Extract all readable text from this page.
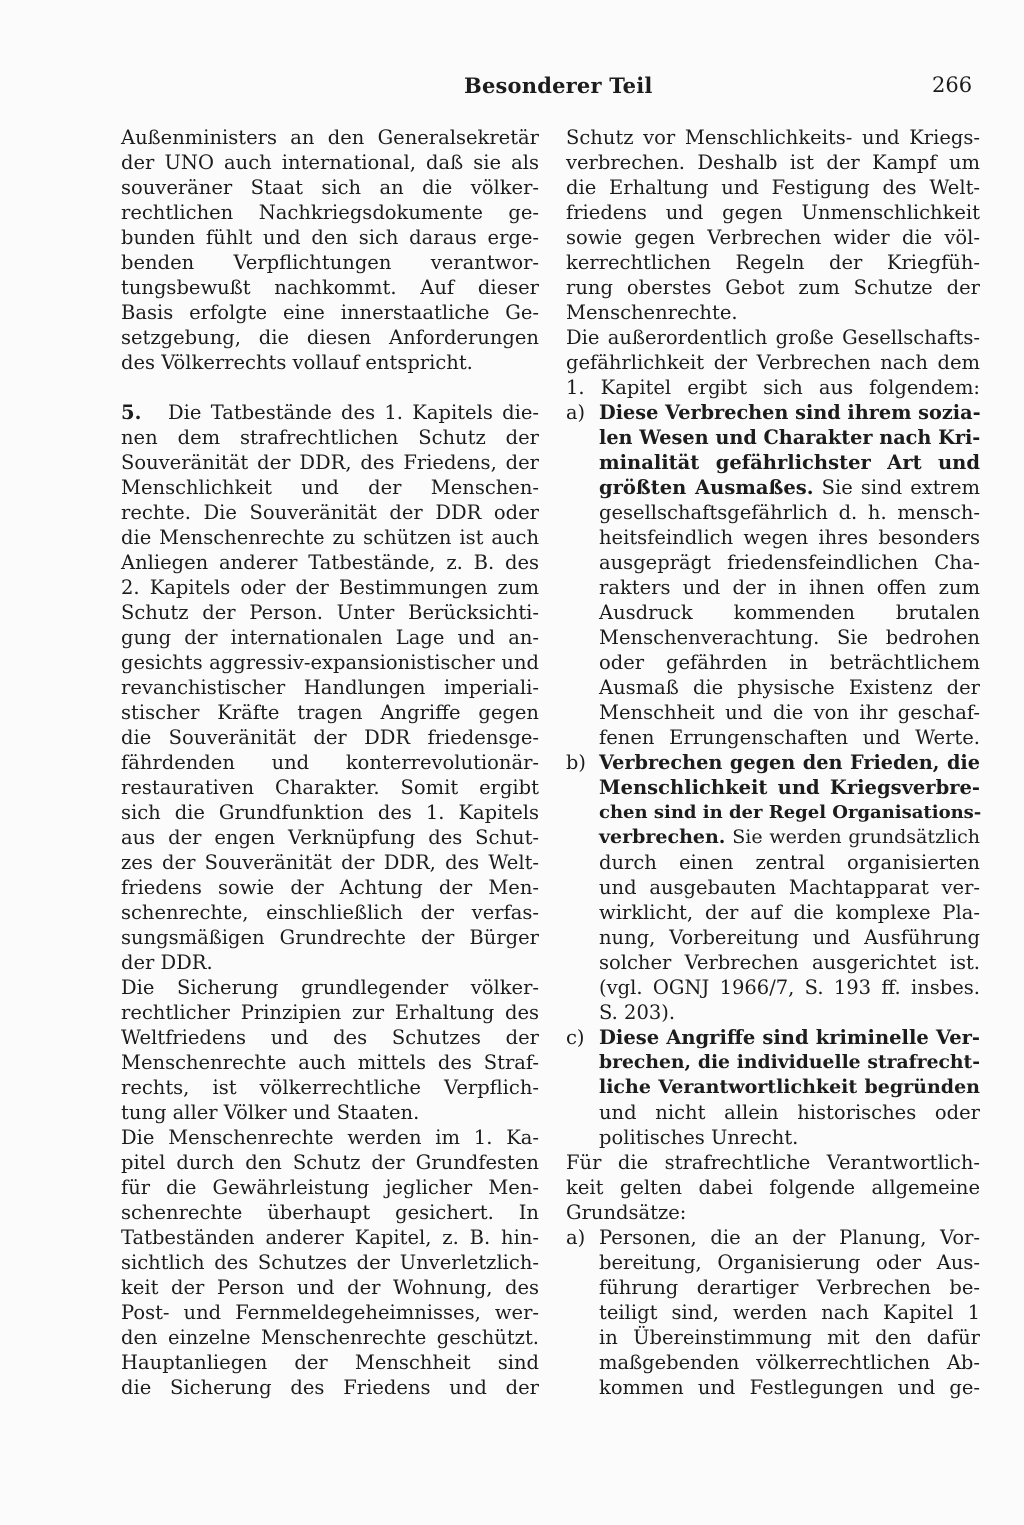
Besonderer Teil	266
Außenministers an den Generalsekretär
der UNO auch international, daß sie als
souveräner Staat sich an die völker-
rechtlichen Nachkriegsdokumente ge-
bunden fühlt und den sich daraus erge-
benden Verpflichtungen verantwor-
tungsbewußt nachkommt. Auf dieser
Basis erfolgte eine innerstaatliche Ge-
setzgebung, die diesen Anforderungen
des Völkerrechts vollauf entspricht.
5. Die Tatbestände des 1. Kapitels die-
nen dem strafrechtlichen Schutz der
Souveränität der DDR, des Friedens, der
Menschlichkeit und der Menschen-
rechte. Die Souveränität der DDR oder
die Menschenrechte zu schützen ist auch
Anliegen anderer Tatbestände, z. B. des
2. Kapitels oder der Bestimmungen zum
Schutz der Person. Unter Berücksichti-
gung der internationalen Lage und an-
gesichts aggressiv-expansionistischer und
revanchistischer Handlungen imperiali-
stischer Kräfte tragen Angriffe gegen
die Souveränität der DDR friedensge-
fährdenden und konterrevolutionär-
restaurativen Charakter. Somit ergibt
sich die Grundfunktion des 1. Kapitels
aus der engen Verknüpfung des Schut-
zes der Souveränität der DDR, des Welt-
friedens sowie der Achtung der Men-
schenrechte, einschließlich der verfas-
sungsmäßigen Grundrechte der Bürger
der DDR.
Die Sicherung grundlegender völker-
rechtlicher Prinzipien zur Erhaltung des
Weltfriedens und des Schutzes der
Menschenrechte auch mittels des Straf-
rechts, ist völkerrechtliche Verpflich-
tung aller Völker und Staaten.
Die Menschenrechte werden im 1. Ka-
pitel durch den Schutz der Grundfesten
für die Gewährleistung jeglicher Men-
schenrechte überhaupt gesichert. In
Tatbeständen anderer Kapitel, z. B. hin-
sichtlich des Schutzes der Unverletzlich-
keit der Person und der Wohnung, des
Post- und Fernmeldegeheimnisses, wer-
den einzelne Menschenrechte geschützt.
Hauptanliegen der Menschheit sind
die Sicherung des Friedens und der
Schutz vor Menschlichkeits- und Kriegs-
verbrechen. Deshalb ist der Kampf um
die Erhaltung und Festigung des Welt-
friedens und gegen Unmenschlichkeit
sowie gegen Verbrechen wider die völ-
kerrechtlichen Regeln der Kriegfüh-
rung oberstes Gebot zum Schutze der
Menschenrechte.
Die außerordentlich große Gesellschafts-
gefährlichkeit der Verbrechen nach dem
1. Kapitel ergibt sich aus folgendem:
a) Diese Verbrechen sind ihrem sozia-
len Wesen und Charakter nach Kri-
minalität gefährlichster Art und
größten Ausmaßes. Sie sind extrem
gesellschaftsgefährlich d. h. mensch-
heitsfeindlich wegen ihres besonders
ausgeprägt friedensfeindlichen Cha-
rakters und der in ihnen offen zum
Ausdruck kommenden brutalen
Menschenverachtung. Sie bedrohen
oder gefährden in beträchtlichem
Ausmaß die physische Existenz der
Menschheit und die von ihr geschaf-
fenen Errungenschaften und Werte.
b) Verbrechen gegen den Frieden, die
Menschlichkeit und Kriegsverbre-
chen sind in der Regel Organisations-
verbrechen. Sie werden grundsätzlich
durch einen zentral organisierten
und ausgebauten Machtapparat ver-
wirklicht, der auf die komplexe Pla-
nung, Vorbereitung und Ausführung
solcher Verbrechen ausgerichtet ist.
(vgl. OGNJ 1966/7, S. 193 ff. insbes.
S. 203).
c) Diese Angriffe sind kriminelle Ver-
brechen, die individuelle strafrecht-
liche Verantwortlichkeit begründen
und nicht allein historisches oder
politisches Unrecht.
Für die strafrechtliche Verantwortlich-
keit gelten dabei folgende allgemeine
Grundsätze:
a) Personen, die an der Planung, Vor-
bereitung, Organisierung oder Aus-
führung derartiger Verbrechen be-
teiligt sind, werden nach Kapitel 1
in Übereinstimmung mit den dafür
maßgebenden völkerrechtlichen Ab-
kommen und Festlegungen und ge-
